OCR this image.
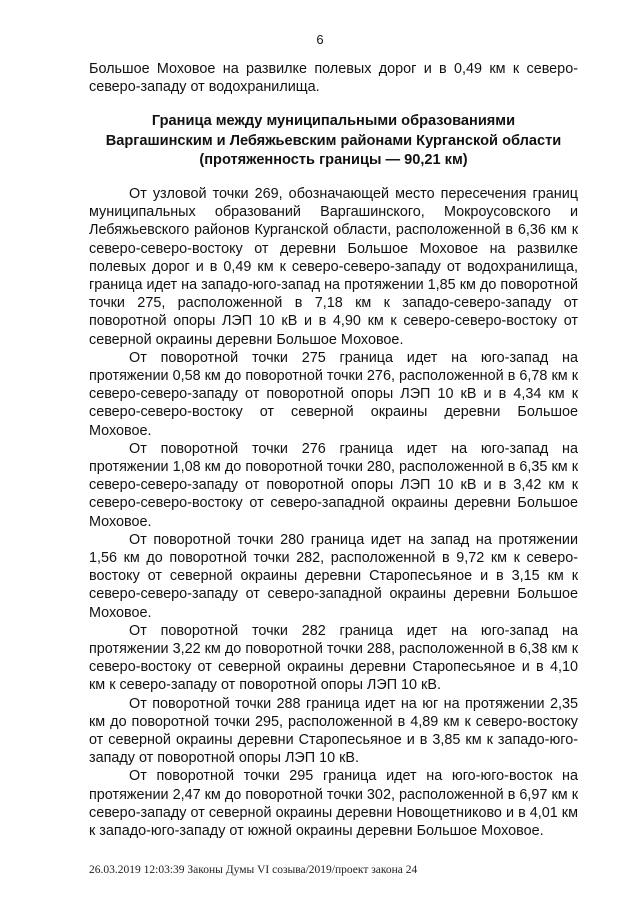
6

Большое Моховое на развилке полевых дорог и в 0,49 км к северо-северо-западу от водохранилища.

Граница между муниципальными образованиями
Варгашинским и Лебяжьевским районами Курганской области
(протяженность границы — 90,21 км)

От узловой точки 269, обозначающей место пересечения границ муниципальных образований Варгашинского, Мокроусовского и Лебяжьевского районов Курганской области, расположенной в 6,36 км к северо-северо-востоку от деревни Большое Моховое на развилке полевых дорог и в 0,49 км к северо-северо-западу от водохранилища, граница идет на западо-юго-запад на протяжении 1,85 км до поворотной точки 275, расположенной в 7,18 км к западо-северо-западу от поворотной опоры ЛЭП 10 кВ и в 4,90 км к северо-северо-востоку от северной окраины деревни Большое Моховое.

От поворотной точки 275 граница идет на юго-запад на протяжении 0,58 км до поворотной точки 276, расположенной в 6,78 км к северо-северо-западу от поворотной опоры ЛЭП 10 кВ и в 4,34 км к северо-северо-востоку от северной окраины деревни Большое Моховое.

От поворотной точки 276 граница идет на юго-запад на протяжении 1,08 км до поворотной точки 280, расположенной в 6,35 км к северо-северо-западу от поворотной опоры ЛЭП 10 кВ и в 3,42 км к северо-северо-востоку от северо-западной окраины деревни Большое Моховое.

От поворотной точки 280 граница идет на запад на протяжении 1,56 км до поворотной точки 282, расположенной в 9,72 км к северо-востоку от северной окраины деревни Старопесьяное и в 3,15 км к северо-северо-западу от северо-западной окраины деревни Большое Моховое.

От поворотной точки 282 граница идет на юго-запад на протяжении 3,22 км до поворотной точки 288, расположенной в 6,38 км к северо-востоку от северной окраины деревни Старопесьяное и в 4,10 км к северо-западу от поворотной опоры ЛЭП 10 кВ.

От поворотной точки 288 граница идет на юг на протяжении 2,35 км до поворотной точки 295, расположенной в 4,89 км к северо-востоку от северной окраины деревни Старопесьяное и в 3,85 км к западо-юго-западу от поворотной опоры ЛЭП 10 кВ.

От поворотной точки 295 граница идет на юго-юго-восток на протяжении 2,47 км до поворотной точки 302, расположенной в 6,97 км к северо-западу от северной окраины деревни Новощетниково и в 4,01 км к западо-юго-западу от южной окраины деревни Большое Моховое.

26.03.2019 12:03:39 Законы Думы VI созыва/2019/проект закона 24
